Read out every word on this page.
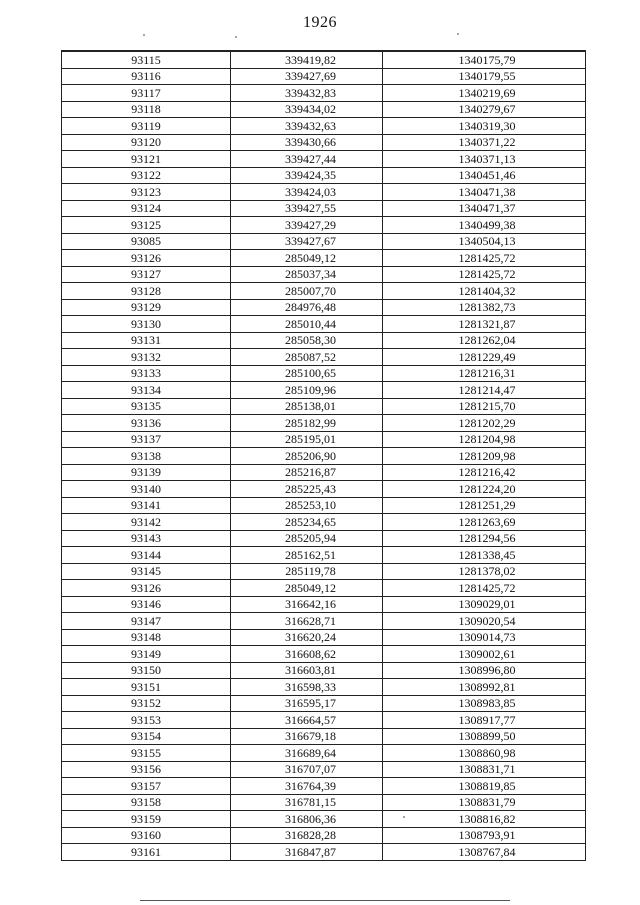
1926
93115	339419,82	1340175,79
93116	339427,69	1340179,55
93117	339432,83	1340219,69
93118	339434,02	1340279,67
93119	339432,63	1340319,30
93120	339430,66	1340371,22
93121	339427,44	1340371,13
93122	339424,35	1340451,46
93123	339424,03	1340471,38
93124	339427,55	1340471,37
93125	339427,29	1340499,38
93085	339427,67	1340504,13
93126	285049,12	1281425,72
93127	285037,34	1281425,72
93128	285007,70	1281404,32
93129	284976,48	1281382,73
93130	285010,44	1281321,87
93131	285058,30	1281262,04
93132	285087,52	1281229,49
93133	285100,65	1281216,31
93134	285109,96	1281214,47
93135	285138,01	1281215,70
93136	285182,99	1281202,29
93137	285195,01	1281204,98
93138	285206,90	1281209,98
93139	285216,87	1281216,42
93140	285225,43	1281224,20
93141	285253,10	1281251,29
93142	285234,65	1281263,69
93143	285205,94	1281294,56
93144	285162,51	1281338,45
93145	285119,78	1281378,02
93126	285049,12	1281425,72
93146	316642,16	1309029,01
93147	316628,71	1309020,54
93148	316620,24	1309014,73
93149	316608,62	1309002,61
93150	316603,81	1308996,80
93151	316598,33	1308992,81
93152	316595,17	1308983,85
93153	316664,57	1308917,77
93154	316679,18	1308899,50
93155	316689,64	1308860,98
93156	316707,07	1308831,71
93157	316764,39	1308819,85
93158	316781,15	1308831,79
93159	316806,36	1308816,82
93160	316828,28	1308793,91
93161	316847,87	1308767,84
